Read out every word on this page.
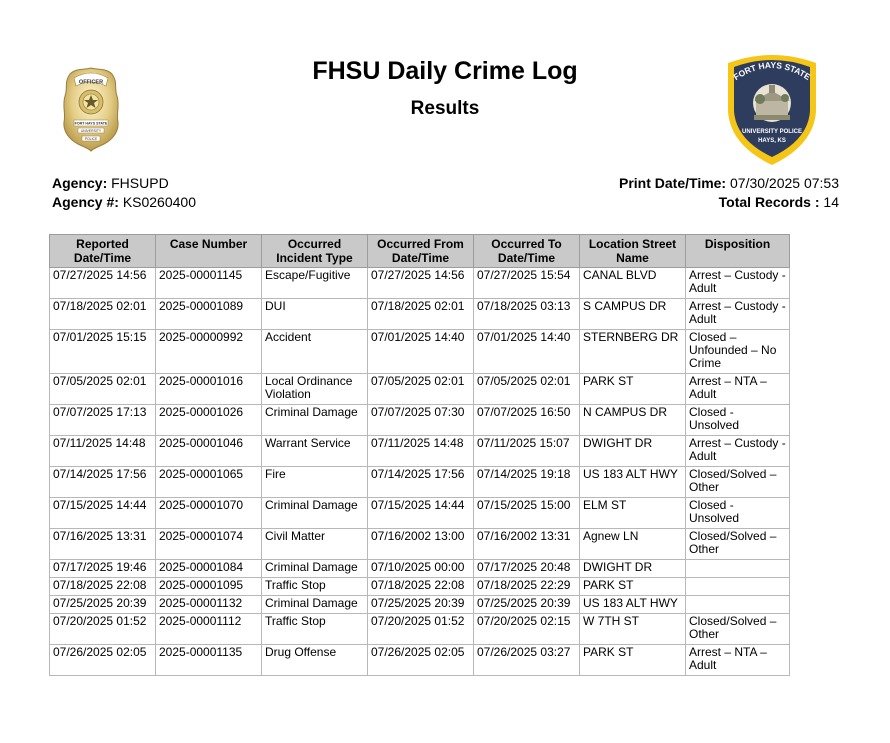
OFFICER
FORT HAYS STATE
UNIVERSITY
POLICE
FORT HAYS STATE
UNIVERSITY POLICE
HAYS, KS
FHSU Daily Crime Log
Results
Agency: FHSUPD
Agency #: KS0260400
Print Date/Time: 07/30/2025 07:53
Total Records : 14
Reported Date/Time	Case Number	Occurred Incident Type	Occurred From Date/Time	Occurred To Date/Time	Location Street Name	Disposition
07/27/2025 14:56	2025-00001145	Escape/Fugitive	07/27/2025 14:56	07/27/2025 15:54	CANAL BLVD	Arrest – Custody - Adult
07/18/2025 02:01	2025-00001089	DUI	07/18/2025 02:01	07/18/2025 03:13	S CAMPUS DR	Arrest – Custody - Adult
07/01/2025 15:15	2025-00000992	Accident	07/01/2025 14:40	07/01/2025 14:40	STERNBERG DR	Closed – Unfounded – No Crime
07/05/2025 02:01	2025-00001016	Local Ordinance Violation	07/05/2025 02:01	07/05/2025 02:01	PARK ST	Arrest – NTA – Adult
07/07/2025 17:13	2025-00001026	Criminal Damage	07/07/2025 07:30	07/07/2025 16:50	N CAMPUS DR	Closed - Unsolved
07/11/2025 14:48	2025-00001046	Warrant Service	07/11/2025 14:48	07/11/2025 15:07	DWIGHT DR	Arrest – Custody - Adult
07/14/2025 17:56	2025-00001065	Fire	07/14/2025 17:56	07/14/2025 19:18	US 183 ALT HWY	Closed/Solved – Other
07/15/2025 14:44	2025-00001070	Criminal Damage	07/15/2025 14:44	07/15/2025 15:00	ELM ST	Closed - Unsolved
07/16/2025 13:31	2025-00001074	Civil Matter	07/16/2002 13:00	07/16/2002 13:31	Agnew LN	Closed/Solved – Other
07/17/2025 19:46	2025-00001084	Criminal Damage	07/10/2025 00:00	07/17/2025 20:48	DWIGHT DR	
07/18/2025 22:08	2025-00001095	Traffic Stop	07/18/2025 22:08	07/18/2025 22:29	PARK ST	
07/25/2025 20:39	2025-00001132	Criminal Damage	07/25/2025 20:39	07/25/2025 20:39	US 183 ALT HWY	
07/20/2025 01:52	2025-00001112	Traffic Stop	07/20/2025 01:52	07/20/2025 02:15	W 7TH ST	Closed/Solved – Other
07/26/2025 02:05	2025-00001135	Drug Offense	07/26/2025 02:05	07/26/2025 03:27	PARK ST	Arrest – NTA – Adult
